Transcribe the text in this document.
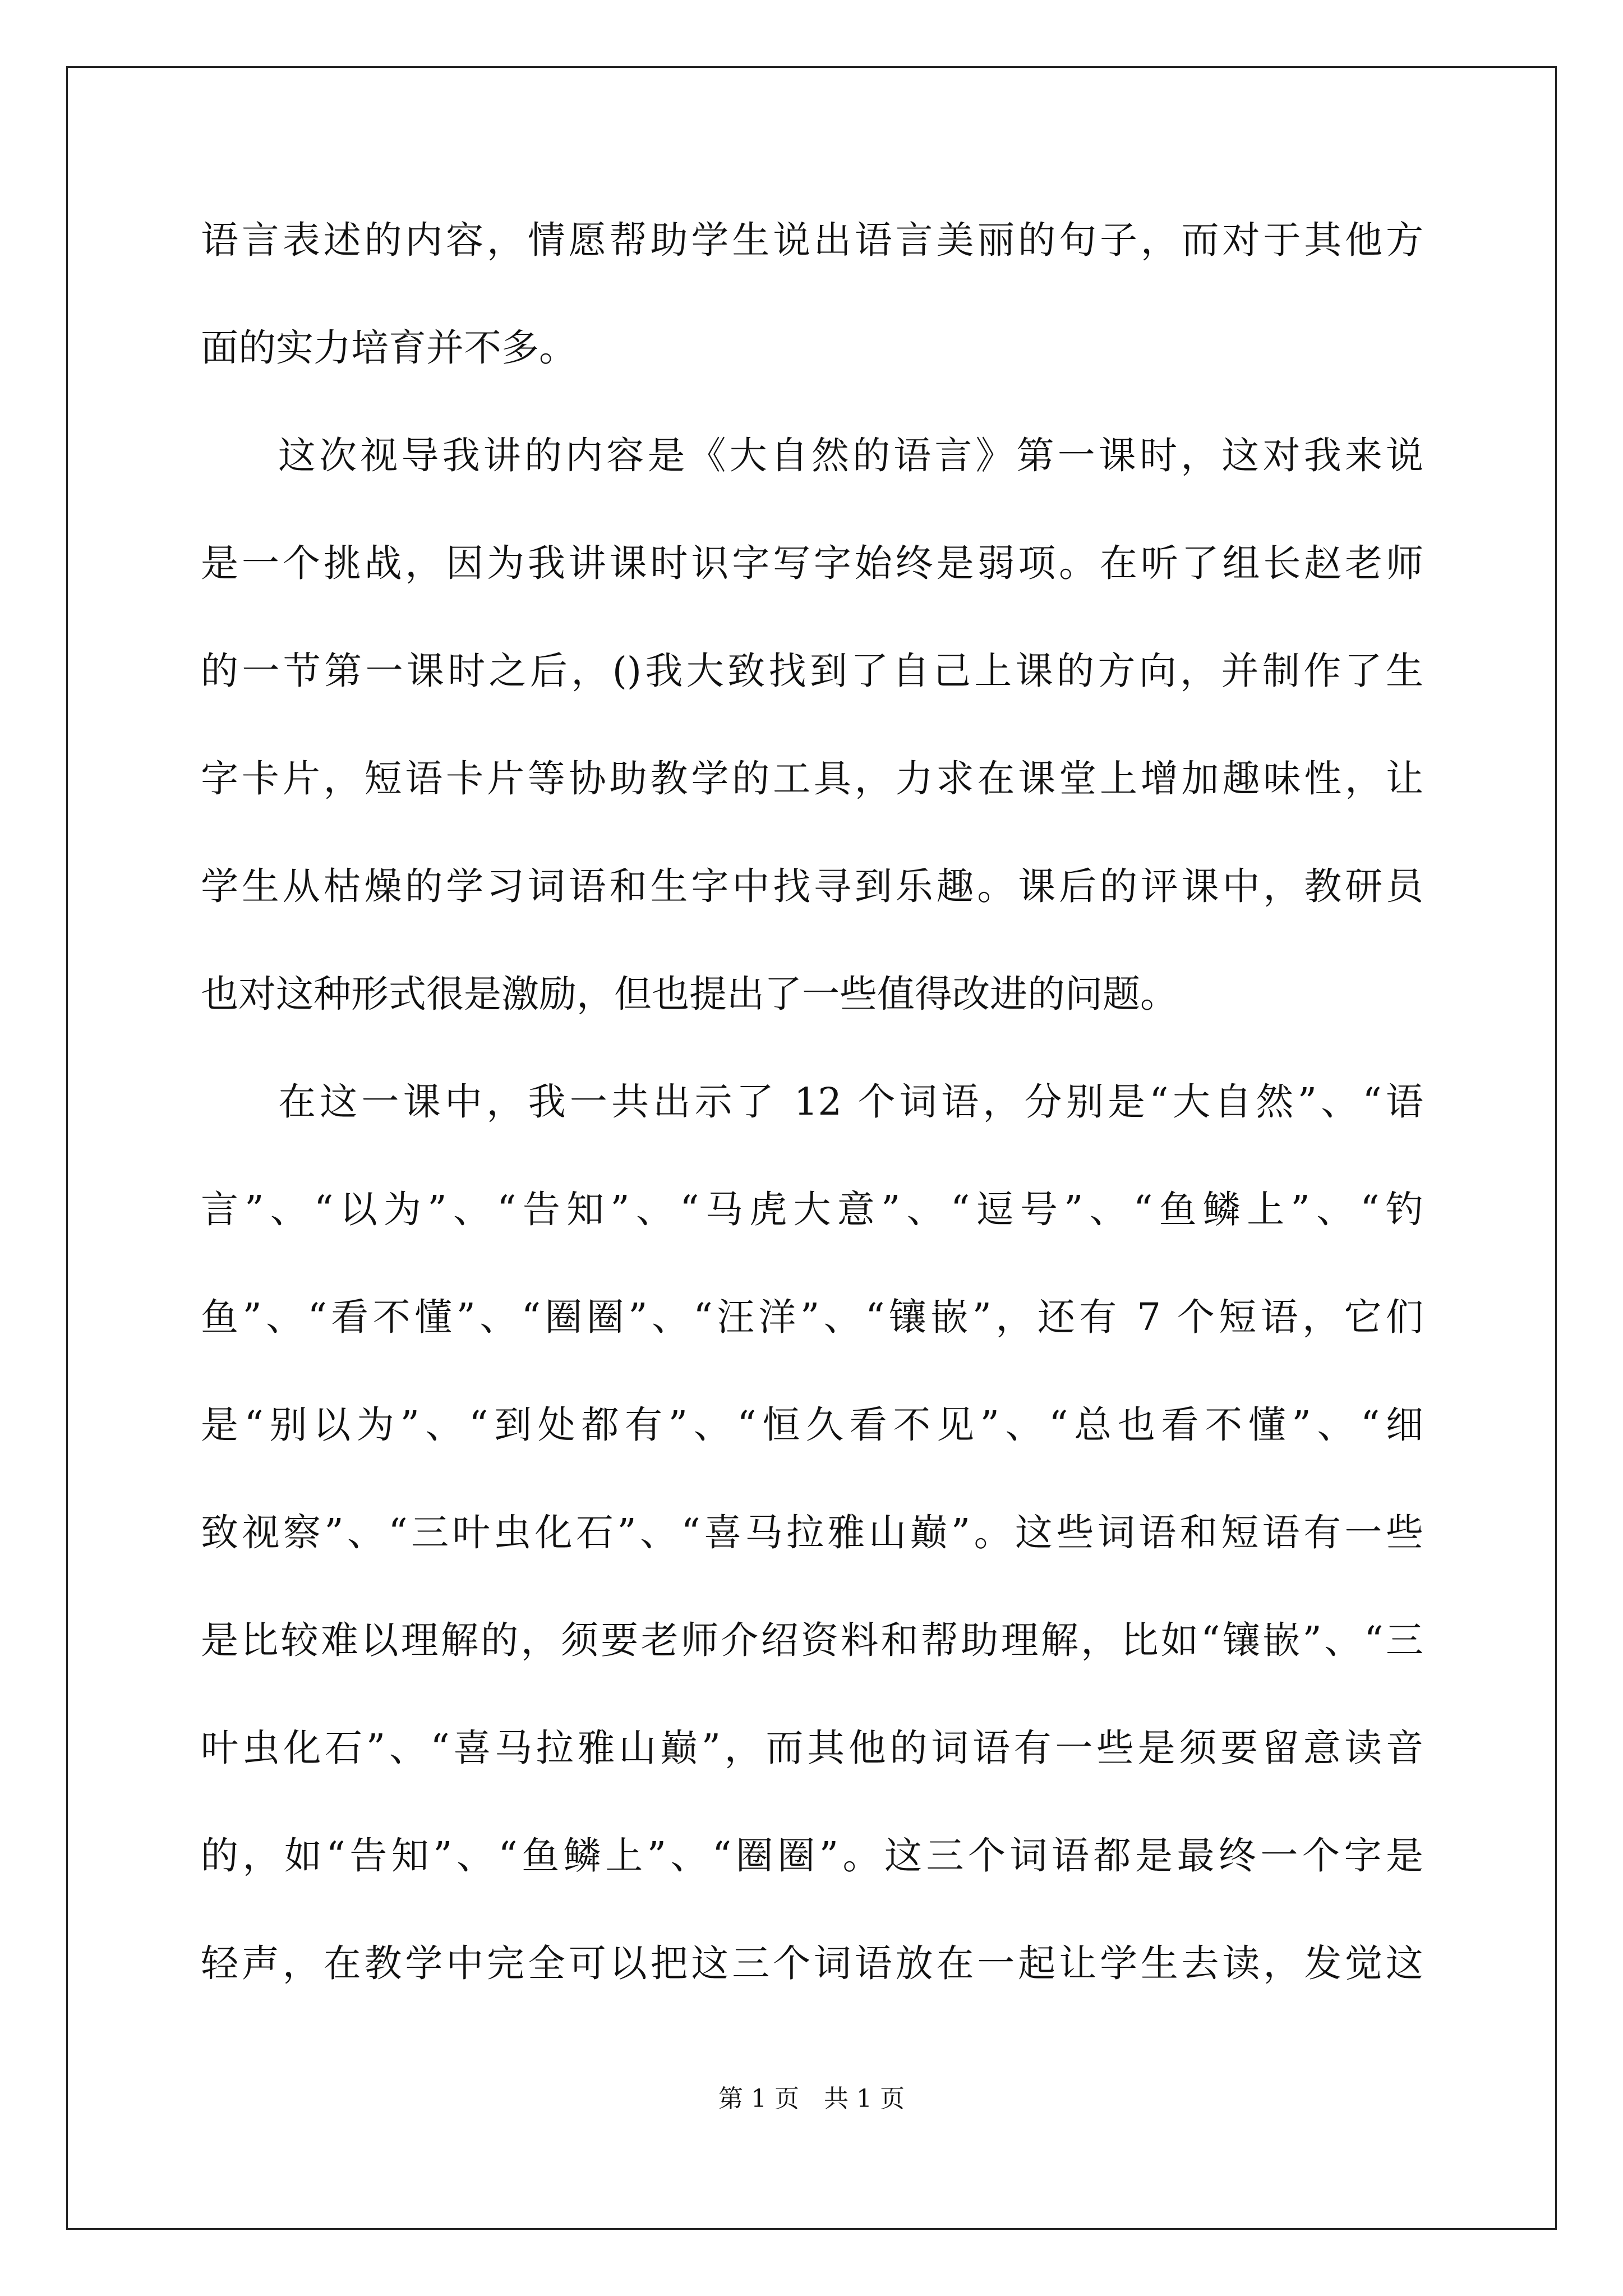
语言表述的内容，情愿帮助学生说出语言美丽的句子，而对于其他方
面的实力培育并不多。
这次视导我讲的内容是《大自然的语言》第一课时，这对我来说
是一个挑战，因为我讲课时识字写字始终是弱项。在听了组长赵老师
的一节第一课时之后，()我大致找到了自己上课的方向，并制作了生
字卡片，短语卡片等协助教学的工具，力求在课堂上增加趣味性，让
学生从枯燥的学习词语和生字中找寻到乐趣。课后的评课中，教研员
也对这种形式很是激励，但也提出了一些值得改进的问题。
在这一课中，我一共出示了 12 个词语，分别是“大自然”、“语
言”、“以为”、“告知”、“马虎大意”、“逗号”、“鱼鳞上”、“钓
鱼”、“看不懂”、“圈圈”、“汪洋”、“镶嵌”，还有 7 个短语，它们
是“别以为”、“到处都有”、“恒久看不见”、“总也看不懂”、“细
致视察”、“三叶虫化石”、“喜马拉雅山巅”。这些词语和短语有一些
是比较难以理解的，须要老师介绍资料和帮助理解，比如“镶嵌”、“三
叶虫化石”、“喜马拉雅山巅”，而其他的词语有一些是须要留意读音
的，如“告知”、“鱼鳞上”、“圈圈”。这三个词语都是最终一个字是
轻声，在教学中完全可以把这三个词语放在一起让学生去读，发觉这
第 1 页　共 1 页
